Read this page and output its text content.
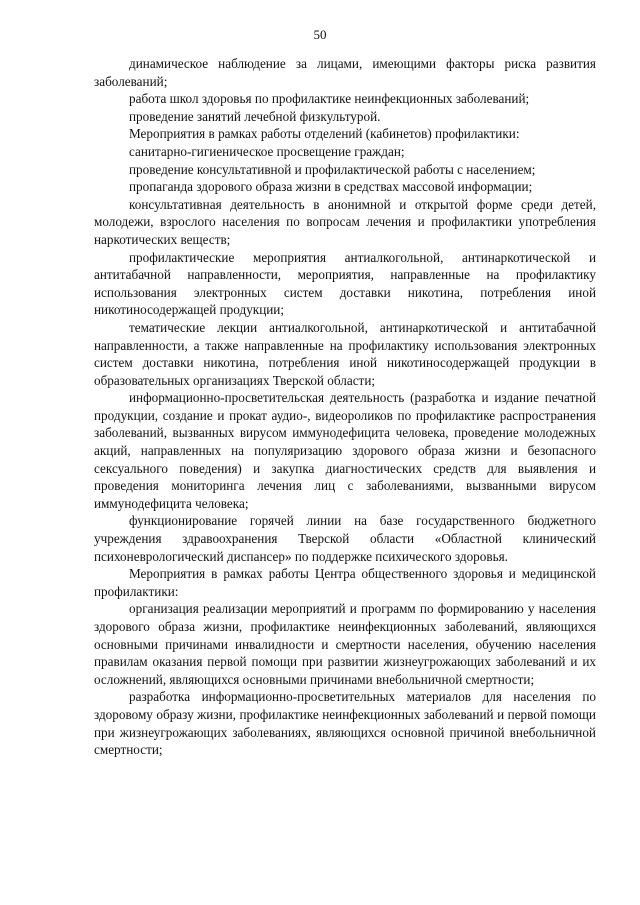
50

динамическое наблюдение за лицами, имеющими факторы риска развития заболеваний;

работа школ здоровья по профилактике неинфекционных заболеваний;

проведение занятий лечебной физкультурой.

Мероприятия в рамках работы отделений (кабинетов) профилактики:

санитарно-гигиеническое просвещение граждан;

проведение консультативной и профилактической работы с населением;

пропаганда здорового образа жизни в средствах массовой информации;

консультативная деятельность в анонимной и открытой форме среди детей, молодежи, взрослого населения по вопросам лечения и профилактики употребления наркотических веществ;

профилактические мероприятия антиалкогольной, антинаркотической и антитабачной направленности, мероприятия, направленные на профилактику использования электронных систем доставки никотина, потребления иной никотиносодержащей продукции;

тематические лекции антиалкогольной, антинаркотической и антитабачной направленности, а также направленные на профилактику использования электронных систем доставки никотина, потребления иной никотиносодержащей продукции в образовательных организациях Тверской области;

информационно-просветительская деятельность (разработка и издание печатной продукции, создание и прокат аудио-, видеороликов по профилактике распространения заболеваний, вызванных вирусом иммунодефицита человека, проведение молодежных акций, направленных на популяризацию здорового образа жизни и безопасного сексуального поведения) и закупка диагностических средств для выявления и проведения мониторинга лечения лиц с заболеваниями, вызванными вирусом иммунодефицита человека;

функционирование горячей линии на базе государственного бюджетного учреждения здравоохранения Тверской области «Областной клинический психоневрологический диспансер» по поддержке психического здоровья.

Мероприятия в рамках работы Центра общественного здоровья и медицинской профилактики:

организация реализации мероприятий и программ по формированию у населения здорового образа жизни, профилактике неинфекционных заболеваний, являющихся основными причинами инвалидности и смертности населения, обучению населения правилам оказания первой помощи при развитии жизнеугрожающих заболеваний и их осложнений, являющихся основными причинами внебольничной смертности;

разработка информационно-просветительных материалов для населения по здоровому образу жизни, профилактике неинфекционных заболеваний и первой помощи при жизнеугрожающих заболеваниях, являющихся основной причиной внебольничной смертности;
